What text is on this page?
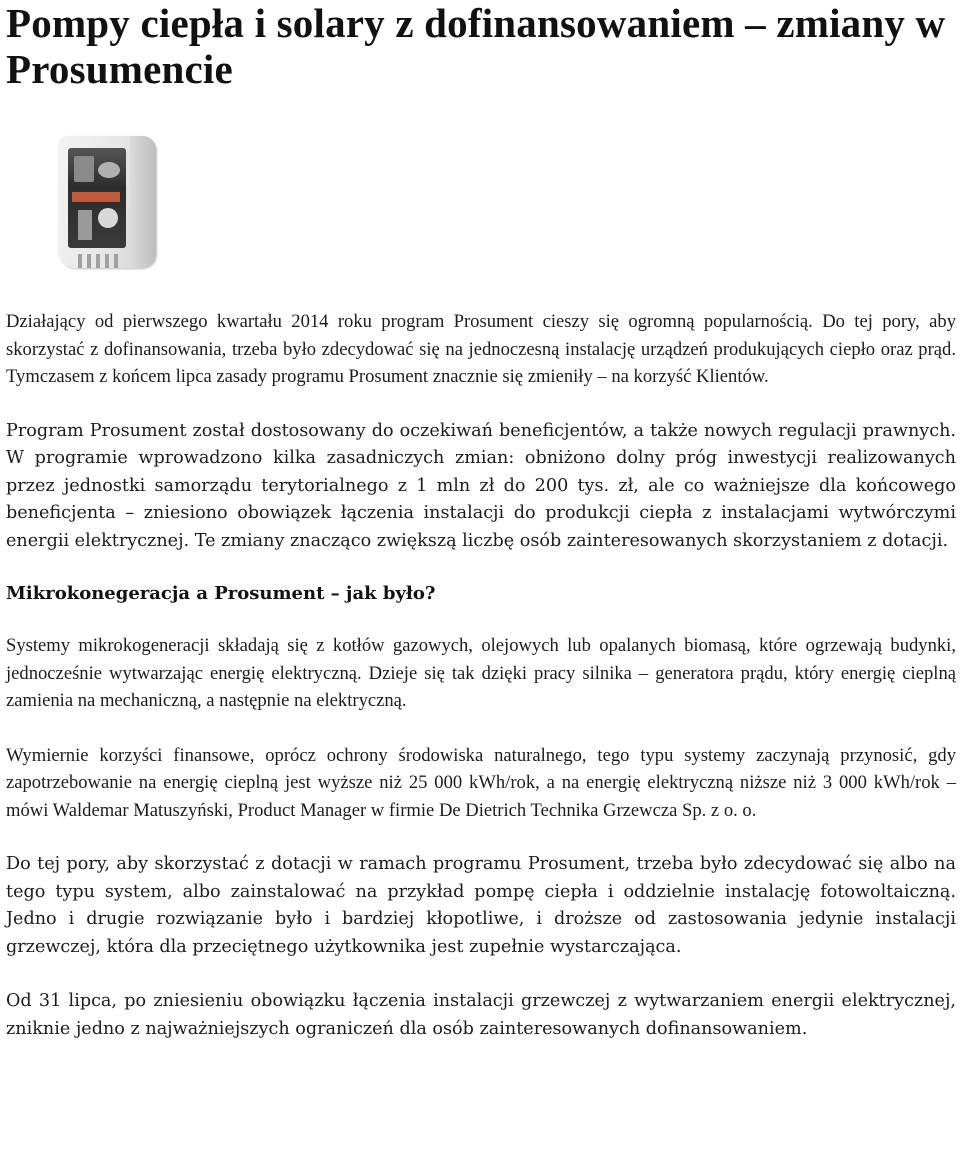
Pompy ciepła i solary z dofinansowaniem – zmiany w Prosumencie

Działający od pierwszego kwartału 2014 roku program Prosument cieszy się ogromną popularnością. Do tej pory, aby skorzystać z dofinansowania, trzeba było zdecydować się na jednoczesną instalację urządzeń produkujących ciepło oraz prąd. Tymczasem z końcem lipca zasady programu Prosument znacznie się zmieniły – na korzyść Klientów.

Program Prosument został dostosowany do oczekiwań beneficjentów, a także nowych regulacji prawnych. W programie wprowadzono kilka zasadniczych zmian: obniżono dolny próg inwestycji realizowanych przez jednostki samorządu terytorialnego z 1 mln zł do 200 tys. zł, ale co ważniejsze dla końcowego beneficjenta – zniesiono obowiązek łączenia instalacji do produkcji ciepła z instalacjami wytwórczymi energii elektrycznej. Te zmiany znacząco zwiększą liczbę osób zainteresowanych skorzystaniem z dotacji.

Mikrokonegeracja a Prosument – jak było?

Systemy mikrokogeneracji składają się z kotłów gazowych, olejowych lub opalanych biomasą, które ogrzewają budynki, jednocześnie wytwarzając energię elektryczną. Dzieje się tak dzięki pracy silnika – generatora prądu, który energię cieplną zamienia na mechaniczną, a następnie na elektryczną.

Wymiernie korzyści finansowe, oprócz ochrony środowiska naturalnego, tego typu systemy zaczynają przynosić, gdy zapotrzebowanie na energię cieplną jest wyższe niż 25 000 kWh/rok, a na energię elektryczną niższe niż 3 000 kWh/rok – mówi Waldemar Matuszyński, Product Manager w firmie De Dietrich Technika Grzewcza Sp. z o. o.

Do tej pory, aby skorzystać z dotacji w ramach programu Prosument, trzeba było zdecydować się albo na tego typu system, albo zainstalować na przykład pompę ciepła i oddzielnie instalację fotowoltaiczną. Jedno i drugie rozwiązanie było i bardziej kłopotliwe, i droższe od zastosowania jedynie instalacji grzewczej, która dla przeciętnego użytkownika jest zupełnie wystarczająca.

Od 31 lipca, po zniesieniu obowiązku łączenia instalacji grzewczej z wytwarzaniem energii elektrycznej, zniknie jedno z najważniejszych ograniczeń dla osób zainteresowanych dofinansowaniem.
